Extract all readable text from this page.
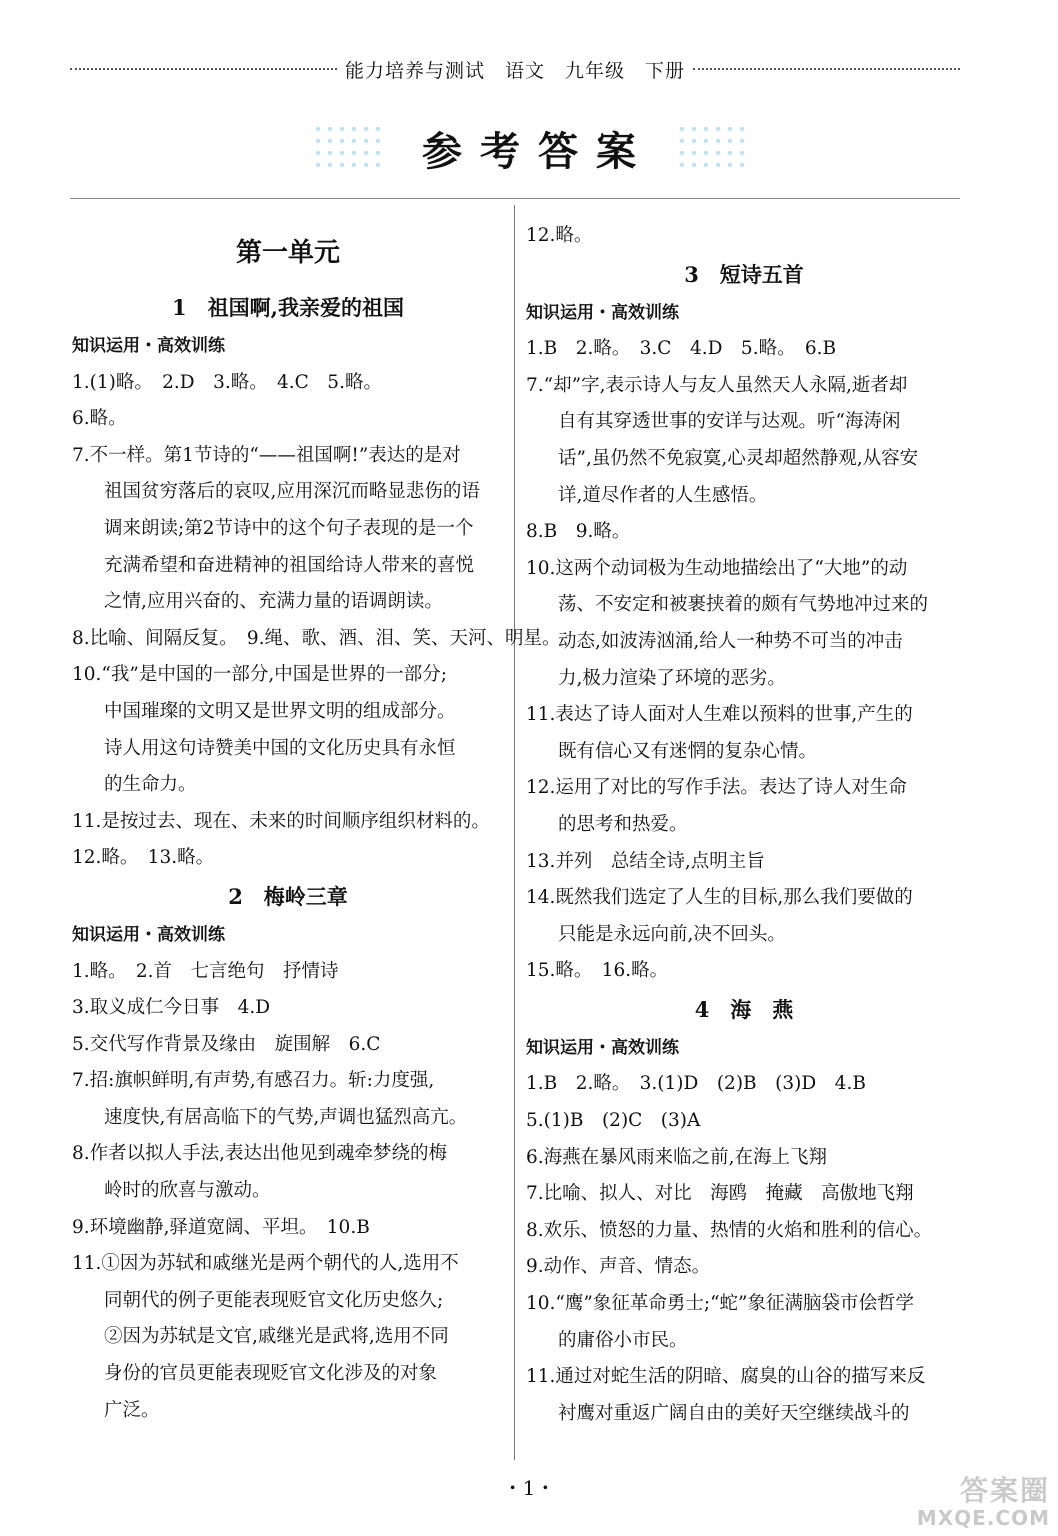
能力培养与测试　语文　九年级　下册
参考答案
第一单元
1　祖国啊,我亲爱的祖国
知识运用・高效训练
1.(1)略。　2.D　3.略。　4.C　5.略。
6.略。
7.不一样。第1节诗的“——祖国啊!”表达的是对
祖国贫穷落后的哀叹,应用深沉而略显悲伤的语
调来朗读;第2节诗中的这个句子表现的是一个
充满希望和奋进精神的祖国给诗人带来的喜悦
之情,应用兴奋的、充满力量的语调朗读。
8.比喻、间隔反复。　9.绳、歌、酒、泪、笑、天河、明星。
10.“我”是中国的一部分,中国是世界的一部分;
中国璀璨的文明又是世界文明的组成部分。
诗人用这句诗赞美中国的文化历史具有永恒
的生命力。
11.是按过去、现在、未来的时间顺序组织材料的。
12.略。　13.略。
2　梅岭三章
知识运用・高效训练
1.略。　2.首　七言绝句　抒情诗
3.取义成仁今日事　4.D
5.交代写作背景及缘由　旋围解　6.C
7.招:旗帜鲜明,有声势,有感召力。斩:力度强,
速度快,有居高临下的气势,声调也猛烈高亢。
8.作者以拟人手法,表达出他见到魂牵梦绕的梅
岭时的欣喜与激动。
9.环境幽静,驿道宽阔、平坦。　10.B
11.①因为苏轼和戚继光是两个朝代的人,选用不
同朝代的例子更能表现贬官文化历史悠久;
②因为苏轼是文官,戚继光是武将,选用不同
身份的官员更能表现贬官文化涉及的对象
广泛。
12.略。
3　短诗五首
知识运用・高效训练
1.B　2.略。　3.C　4.D　5.略。　6.B
7.“却”字,表示诗人与友人虽然天人永隔,逝者却
自有其穿透世事的安详与达观。听“海涛闲
话”,虽仍然不免寂寞,心灵却超然静观,从容安
详,道尽作者的人生感悟。
8.B　9.略。
10.这两个动词极为生动地描绘出了“大地”的动
荡、不安定和被裹挟着的颇有气势地冲过来的
动态,如波涛汹涌,给人一种势不可当的冲击
力,极力渲染了环境的恶劣。
11.表达了诗人面对人生难以预料的世事,产生的
既有信心又有迷惘的复杂心情。
12.运用了对比的写作手法。表达了诗人对生命
的思考和热爱。
13.并列　总结全诗,点明主旨
14.既然我们选定了人生的目标,那么我们要做的
只能是永远向前,决不回头。
15.略。　16.略。
4　海　燕
知识运用・高效训练
1.B　2.略。　3.(1)D　(2)B　(3)D　4.B
5.(1)B　(2)C　(3)A
6.海燕在暴风雨来临之前,在海上飞翔
7.比喻、拟人、对比　海鸥　掩藏　高傲地飞翔
8.欢乐、愤怒的力量、热情的火焰和胜利的信心。
9.动作、声音、情态。
10.“鹰”象征革命勇士;“蛇”象征满脑袋市侩哲学
的庸俗小市民。
11.通过对蛇生活的阴暗、腐臭的山谷的描写来反
衬鹰对重返广阔自由的美好天空继续战斗的
・1・	答案圈
MXQE.COM
